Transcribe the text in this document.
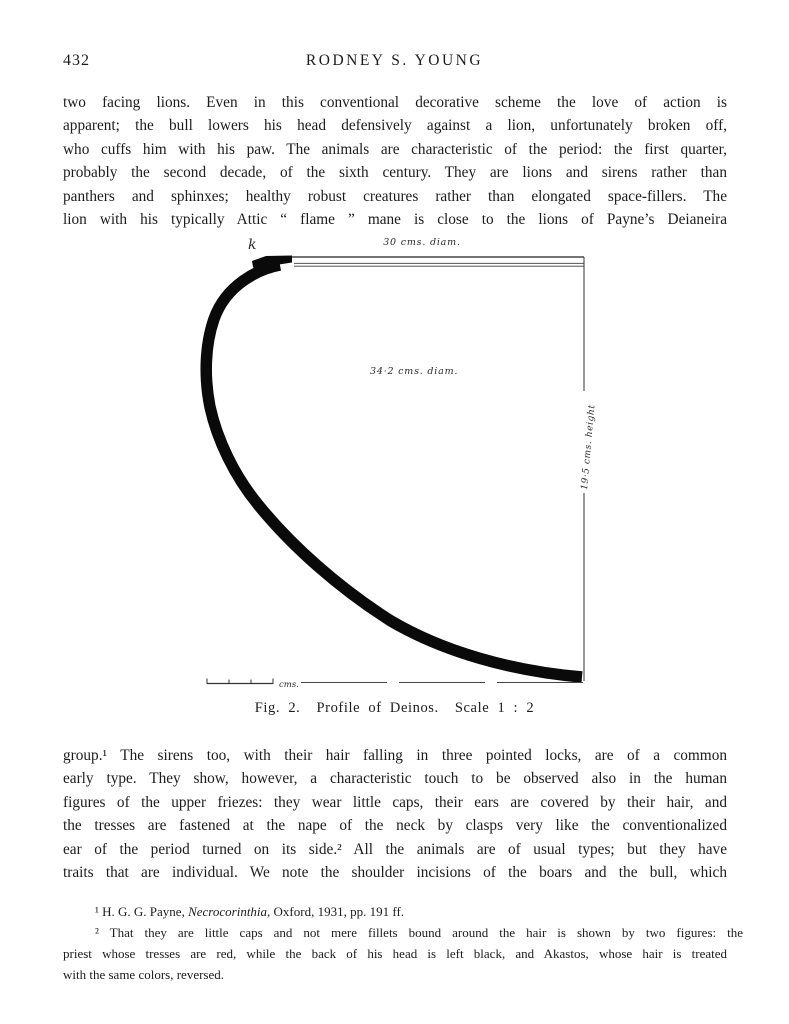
432	RODNEY S. YOUNG
two facing lions. Even in this conventional decorative scheme the love of action is
apparent; the bull lowers his head defensively against a lion, unfortunately broken off,
who cuffs him with his paw. The animals are characteristic of the period: the first quarter,
probably the second decade, of the sixth century. They are lions and sirens rather than
panthers and sphinxes; healthy robust creatures rather than elongated space-fillers. The
lion with his typically Attic “ flame ” mane is close to the lions of Payne’s Deianeira
k	30 cms. diam.
19·5 cms. height
34·2 cms. diam.
cms.
Fig. 2.  Profile of Deinos.  Scale 1 : 2
group.¹ The sirens too, with their hair falling in three pointed locks, are of a common
early type. They show, however, a characteristic touch to be observed also in the human
figures of the upper friezes: they wear little caps, their ears are covered by their hair, and
the tresses are fastened at the nape of the neck by clasps very like the conventionalized
ear of the period turned on its side.² All the animals are of usual types; but they have
traits that are individual. We note the shoulder incisions of the boars and the bull, which
¹ H. G. G. Payne, Necrocorinthia, Oxford, 1931, pp. 191 ff.
² That they are little caps and not mere fillets bound around the hair is shown by two figures: the
priest whose tresses are red, while the back of his head is left black, and Akastos, whose hair is treated
with the same colors, reversed.
